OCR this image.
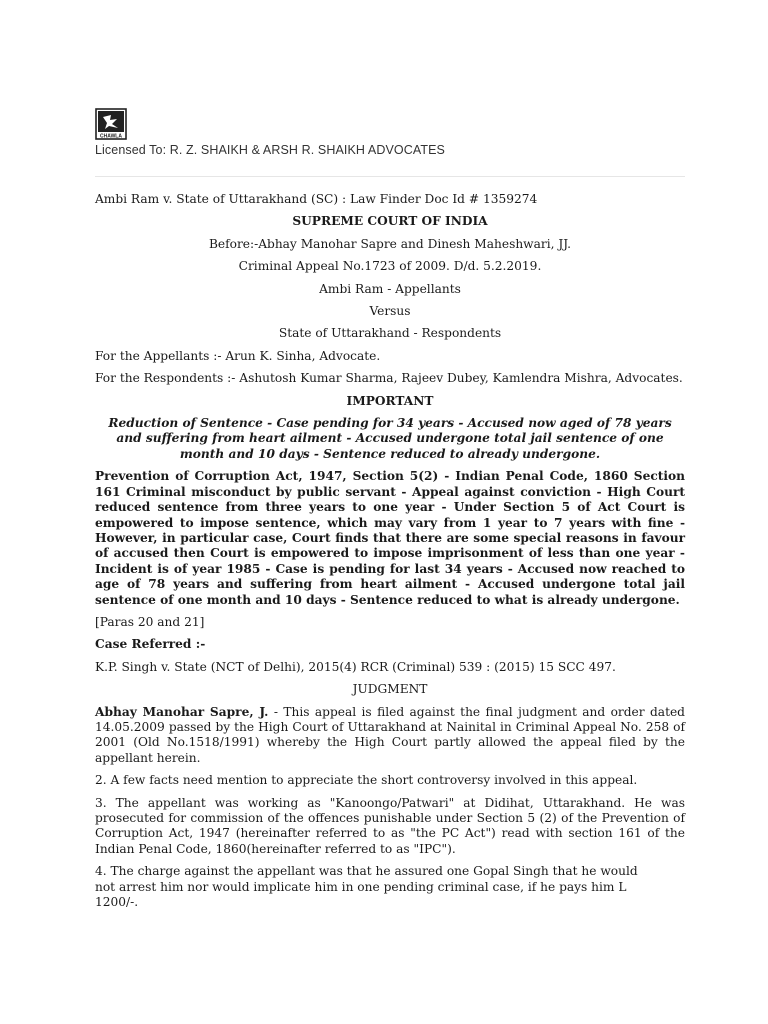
CHAWLA
Licensed To: R. Z. SHAIKH & ARSH R. SHAIKH ADVOCATES

Ambi Ram v. State of Uttarakhand (SC) : Law Finder Doc Id # 1359274

SUPREME COURT OF INDIA

Before:-Abhay Manohar Sapre and Dinesh Maheshwari, JJ.

Criminal Appeal No.1723 of 2009. D/d. 5.2.2019.

Ambi Ram - Appellants

Versus

State of Uttarakhand - Respondents

For the Appellants :- Arun K. Sinha, Advocate.

For the Respondents :- Ashutosh Kumar Sharma, Rajeev Dubey, Kamlendra Mishra, Advocates.

IMPORTANT

Reduction of Sentence - Case pending for 34 years - Accused now aged of 78 years and suffering from heart ailment - Accused undergone total jail sentence of one month and 10 days - Sentence reduced to already undergone.

Prevention of Corruption Act, 1947, Section 5(2) - Indian Penal Code, 1860 Section 161 Criminal misconduct by public servant - Appeal against conviction - High Court reduced sentence from three years to one year - Under Section 5 of Act Court is empowered to impose sentence, which may vary from 1 year to 7 years with fine - However, in particular case, Court finds that there are some special reasons in favour of accused then Court is empowered to impose imprisonment of less than one year - Incident is of year 1985 - Case is pending for last 34 years - Accused now reached to age of 78 years and suffering from heart ailment - Accused undergone total jail sentence of one month and 10 days - Sentence reduced to what is already undergone.

[Paras 20 and 21]

Case Referred :-

K.P. Singh v. State (NCT of Delhi), 2015(4) RCR (Criminal) 539 : (2015) 15 SCC 497.

JUDGMENT

Abhay Manohar Sapre, J. - This appeal is filed against the final judgment and order dated 14.05.2009 passed by the High Court of Uttarakhand at Nainital in Criminal Appeal No. 258 of 2001 (Old No.1518/1991) whereby the High Court partly allowed the appeal filed by the appellant herein.

2. A few facts need mention to appreciate the short controversy involved in this appeal.

3. The appellant was working as "Kanoongo/Patwari" at Didihat, Uttarakhand. He was prosecuted for commission of the offences punishable under Section 5 (2) of the Prevention of Corruption Act, 1947 (hereinafter referred to as "the PC Act") read with section 161 of the Indian Penal Code, 1860(hereinafter referred to as "IPC").

4. The charge against the appellant was that he assured one Gopal Singh that he would
not arrest him nor would implicate him in one pending criminal case, if he pays him L
1200/-.
